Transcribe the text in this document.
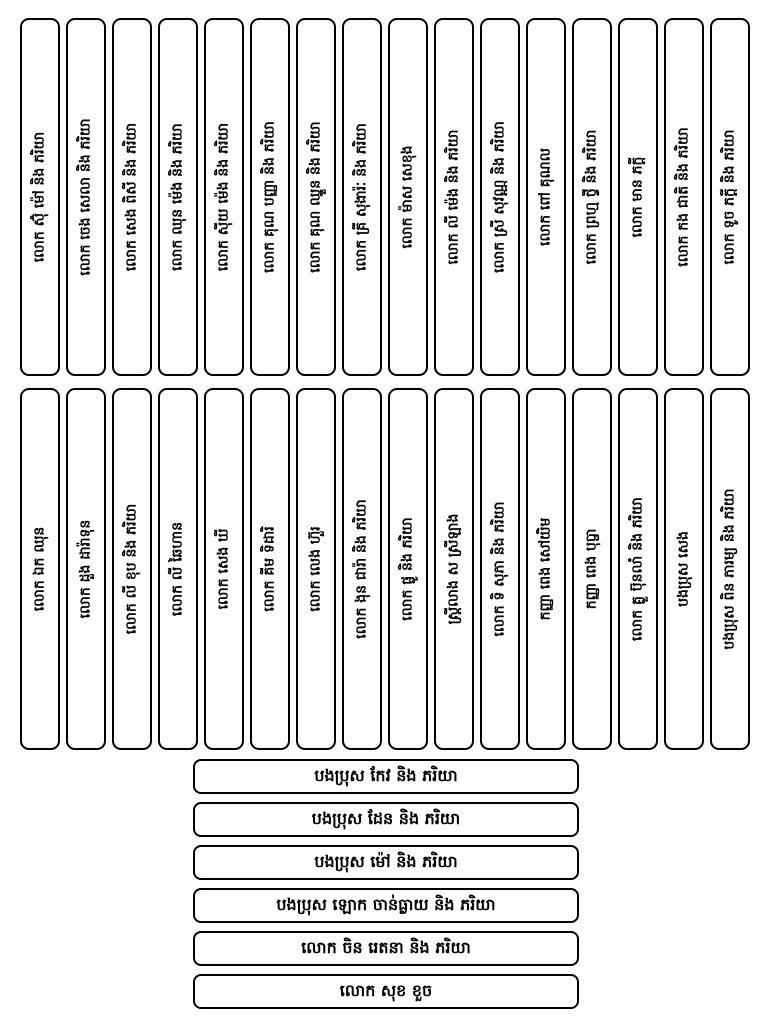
លោក ស៊ុំ ម៉ៅ និង ភរិយា លោក ចេង សេលា និង ភរិយា លោក សេង ពិសី និង ភរិយា លោក ឈុន ម៉េង និង ភរិយា លោក ស៊ីយ ម៉េង និង ភរិយា លោក គុណ បញ្ញា និង ភរិយា លោក គុណ ឈ្នួន និង ភរិយា លោក គ្រី សុងារ៉ៈ និង ភរិយា លោក ម៉ាស សេខុង លោក លី ម៉េង និង ភរិយា លោក ស្រី សុវណ្ណ និង ភរិយា លោក ពៅ គុណល លោក ព្រហ្ម ថ្វី និង ភរិយា លោក មាន ភក្តី លោក កង ជាតិ និង ភរិយា លោក ទូច ភក្តី និង ភរិយា
លោក ឯក ឈុន លោក ដួង ដារ៉ាទុន លោក លី ខុប និង ភរិយា លោក លី ឆៃហាន លោក សេង ឃី លោក គីម ទិដារិ លោក លេង ហ៊ួរ លោក ងុន ជារ៉ា និង ភរិយា លោក ផ្លូ និង ភរិយា ស្ត្រីលាង ស ស្រីឡាង លោក ទិ សុភា និង ភរិយា កញ្ញា ពេង សៅយិម កញ្ញា ពេង បុប្ផា លោក គ្លួ ប៊ុនលាំ និង ភរិយា បងប្រុស សេង បងប្រុស ពិន ភារម្យ និង ភរិយា
បងប្រុស កែវ និង ភរិយា
បងប្រុស ដែន និង ភរិយា
បងប្រុស ម៉ៅ និង ភរិយា
បងប្រុស ឡោក ចាន់ធ្លាយ និង ភរិយា
លោក ចិន រេតនា និង ភរិយា
លោក សុខ ខួច
